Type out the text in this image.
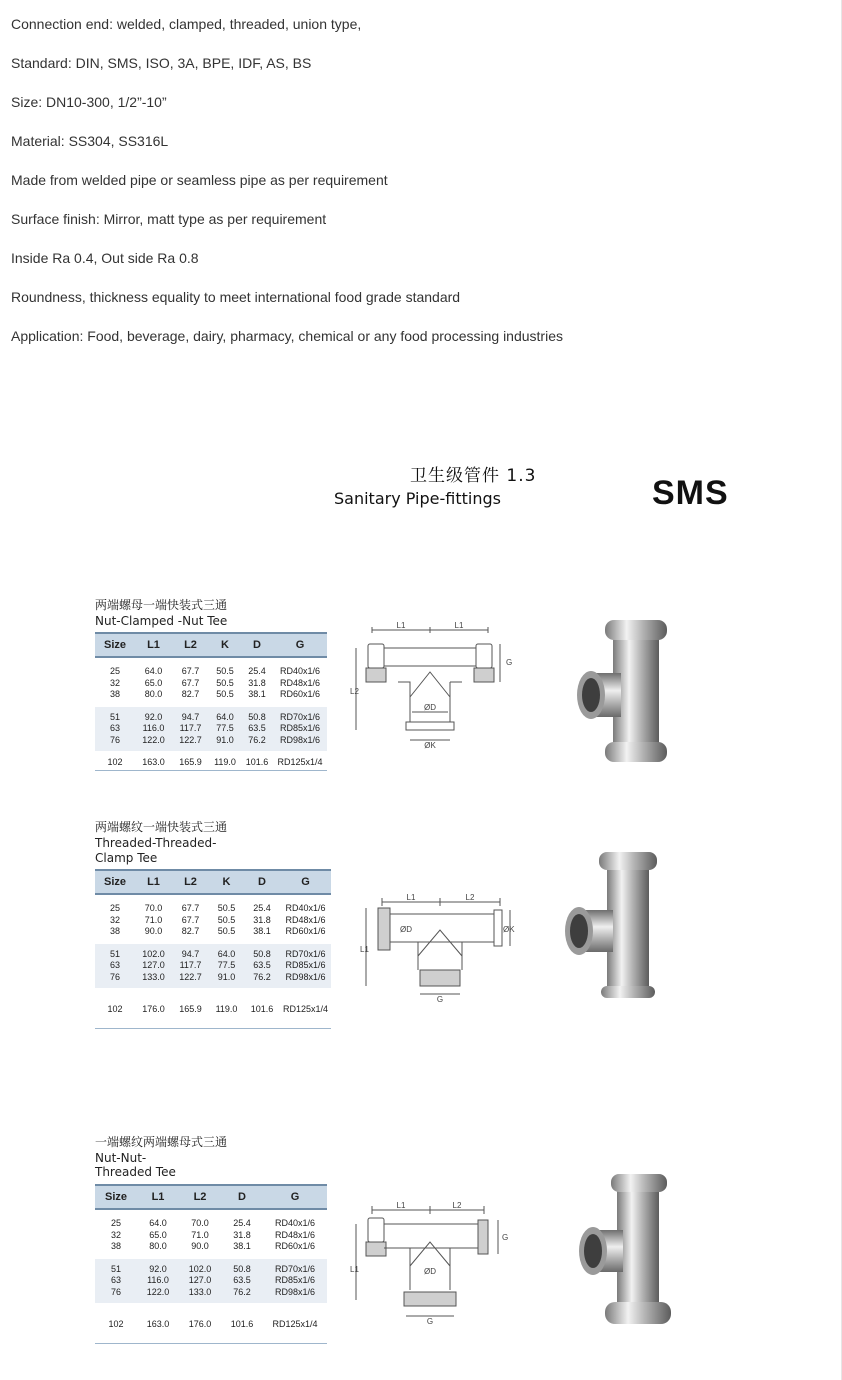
Connection end: welded, clamped, threaded, union type,
Standard: DIN, SMS, ISO, 3A, BPE, IDF, AS, BS
Size: DN10-300, 1/2”-10”
Material: SS304, SS316L
Made from welded pipe or seamless pipe as per requirement
Surface finish: Mirror, matt type as per requirement
Inside Ra 0.4, Out side Ra 0.8
Roundness, thickness equality to meet international food grade standard
Application: Food, beverage, dairy, pharmacy, chemical or any food processing industries
卫生级管件 1.3
Sanitary Pipe-fittings	SMS
两端螺母一端快装式三通
Nut-Clamped -Nut Tee
Size	L1	L2	K	D	G
25	64.0	67.7	50.5	25.4	RD40x1/6
32	65.0	67.7	50.5	31.8	RD48x1/6
38	80.0	82.7	50.5	38.1	RD60x1/6
51	92.0	94.7	64.0	50.8	RD70x1/6
63	116.0	117.7	77.5	63.5	RD85x1/6
76	122.0	122.7	91.0	76.2	RD98x1/6
102	163.0	165.9	119.0	101.6	RD125x1/4
L1	L1
G
L2
ØD
ØK
两端螺纹一端快装式三通
Threaded-Threaded-
Clamp Tee
Size	L1	L2	K	D	G
25	70.0	67.7	50.5	25.4	RD40x1/6
32	71.0	67.7	50.5	31.8	RD48x1/6
38	90.0	82.7	50.5	38.1	RD60x1/6
51	102.0	94.7	64.0	50.8	RD70x1/6
63	127.0	117.7	77.5	63.5	RD85x1/6
76	133.0	122.7	91.0	76.2	RD98x1/6
102	176.0	165.9	119.0	101.6	RD125x1/4
L1	L2
ØD	ØK
L1
G
一端螺纹两端螺母式三通
Nut-Nut-
Threaded Tee
Size	L1	L2	D	G
25	64.0	70.0	25.4	RD40x1/6
32	65.0	71.0	31.8	RD48x1/6
38	80.0	90.0	38.1	RD60x1/6
51	92.0	102.0	50.8	RD70x1/6
63	116.0	127.0	63.5	RD85x1/6
76	122.0	133.0	76.2	RD98x1/6
102	163.0	176.0	101.6	RD125x1/4
L1	L2
G
L1	ØD
G
